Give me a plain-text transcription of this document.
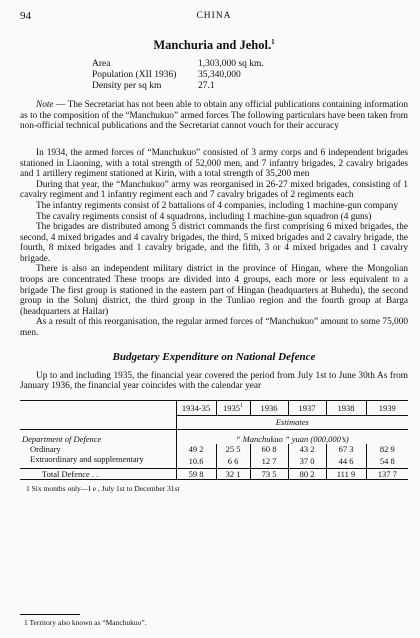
94	CHINA
Manchuria and Jehol.$^1$
Area	1,303,000 sq km.
Population (XII 1936)	35,340,000
Density per sq km	27.1

Note — The Secretariat has not been able to obtain any official publications containing information as to the composition of the “Manchukuo” armed forces The following particulars have been taken from non-official technical publications and the Secretariat cannot vouch for their accuracy

In 1934, the armed forces of “Manchukuo” consisted of 3 army corps and 6 independent brigades stationed in Liaoning, with a total strength of 52,000 men, and 7 infantry brigades, 2 cavalry brigades and 1 artillery regiment stationed at Kirin, with a total strength of 35,200 men

During that year, the “Manchukuo” army was reorganised in 26-27 mixed brigades, consisting of 1 cavalry regiment and 1 infantry regiment each and 7 cavalry brigades of 2 regiments each

The infantry regiments consist of 2 battalions of 4 companies, including 1 machine-gun company

The cavalry regiments consist of 4 squadrons, including 1 machine-gun squadron (4 guns)

The brigades are distributed among 5 district commands the first comprising 6 mixed brigades, the second, 4 mixed brigades and 4 cavalry brigades, the third, 5 mixed brigades and 2 cavalry brigade, the fourth, 8 mixed brigades and 1 cavalry brigade, and the fifth, 3 or 4 mixed brigades and 1 cavalry brigade.

There is also an independent military district in the province of Hingan, where the Mongolian troops are concentrated These troops are divided into 4 groups, each more or less equivalent to a brigade The first group is stationed in the eastern part of Hingan (headquarters at Buhedu), the second group in the Solunj district, the third group in the Tunliao region and the fourth group at Barga (headquarters at Hailar)

As a result of this reorganisation, the regular armed forces of “Manchukuo” amount to some 75,000 men.

Budgetary Expenditure on National Defence

Up to and including 1935, the financial year covered the period from July 1st to June 30th As from January 1936, the financial year coincides with the calendar year

	1934-35	1935$^1$	1936	1937	1938	1939
	Estimates					
Department of Defence	“ Manchukuo ” yuan (000,000’s)					
Ordinary	49 2	25 5	60 8	43 2	67 3	82 9
Extraordinary and supplementary	10.6	6 6	12 7	37 0	44 6	54 8
Total Defence . .	59 8	32 1	73 5	80 2	111 9	137 7
1 Six months only—I e , July 1st to December 31st
1 Territory also known as “Manchukuo”.
